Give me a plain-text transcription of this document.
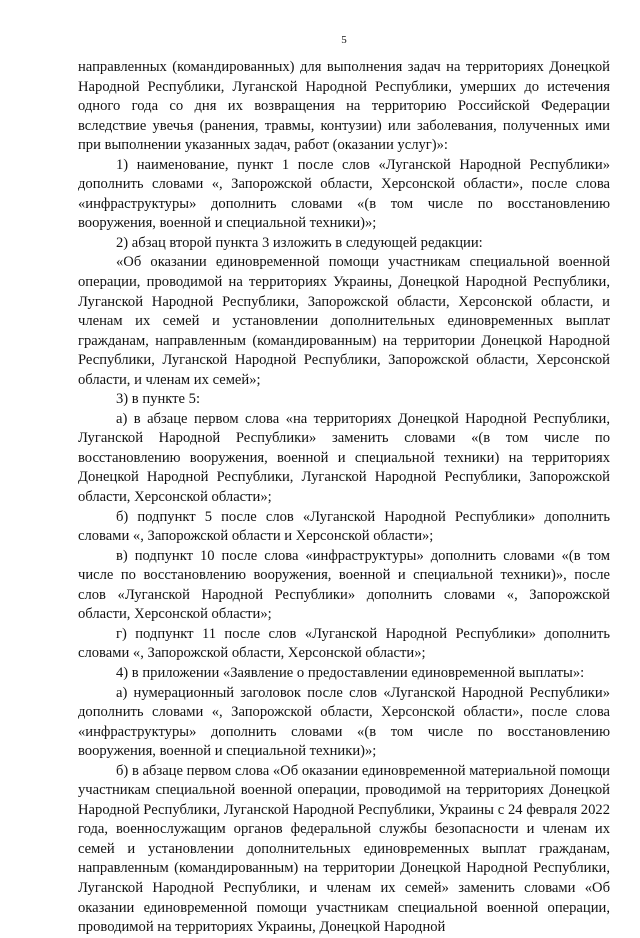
5

направленных (командированных) для выполнения задач на территориях Донецкой Народной Республики, Луганской Народной Республики, умерших до истечения одного года со дня их возвращения на территорию Российской Федерации вследствие увечья (ранения, травмы, контузии) или заболевания, полученных ими при выполнении указанных задач, работ (оказании услуг)»:

1) наименование, пункт 1 после слов «Луганской Народной Республики» дополнить словами «, Запорожской области, Херсонской области», после слова «инфраструктуры» дополнить словами «(в том числе по восстановлению вооружения, военной и специальной техники)»;

2) абзац второй пункта 3 изложить в следующей редакции:

«Об оказании единовременной помощи участникам специальной военной операции, проводимой на территориях Украины, Донецкой Народной Республики, Луганской Народной Республики, Запорожской области, Херсонской области, и членам их семей и установлении дополнительных единовременных выплат гражданам, направленным (командированным) на территории Донецкой Народной Республики, Луганской Народной Республики, Запорожской области, Херсонской области, и членам их семей»;

3) в пункте 5:

а) в абзаце первом слова «на территориях Донецкой Народной Республики, Луганской Народной Республики» заменить словами «(в том числе по восстановлению вооружения, военной и специальной техники) на территориях Донецкой Народной Республики, Луганской Народной Республики, Запорожской области, Херсонской области»;

б) подпункт 5 после слов «Луганской Народной Республики» дополнить словами «, Запорожской области и Херсонской области»;

в) подпункт 10 после слова «инфраструктуры» дополнить словами «(в том числе по восстановлению вооружения, военной и специальной техники)», после слов «Луганской Народной Республики» дополнить словами «, Запорожской области, Херсонской области»;

г) подпункт 11 после слов «Луганской Народной Республики» дополнить словами «, Запорожской области, Херсонской области»;

4) в приложении «Заявление о предоставлении единовременной выплаты»:

а) нумерационный заголовок после слов «Луганской Народной Республики» дополнить словами «, Запорожской области, Херсонской области», после слова «инфраструктуры» дополнить словами «(в том числе по восстановлению вооружения, военной и специальной техники)»;

б) в абзаце первом слова «Об оказании единовременной материальной помощи участникам специальной военной операции, проводимой на территориях Донецкой Народной Республики, Луганской Народной Республики, Украины с 24 февраля 2022 года, военнослужащим органов федеральной службы безопасности и членам их семей и установлении дополнительных единовременных выплат гражданам, направленным (командированным) на территории Донецкой Народной Республики, Луганской Народной Республики, и членам их семей» заменить словами «Об оказании единовременной помощи участникам специальной военной операции, проводимой на территориях Украины, Донецкой Народной
